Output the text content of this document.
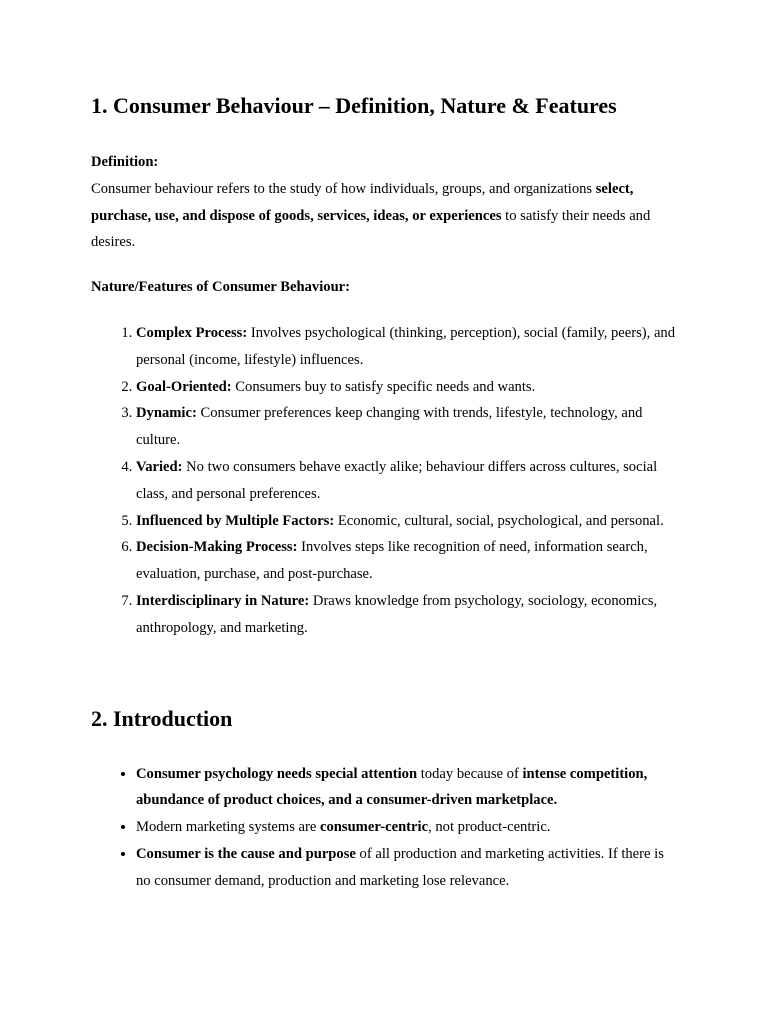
1. Consumer Behaviour – Definition, Nature & Features

Definition:

Consumer behaviour refers to the study of how individuals, groups, and organizations select, purchase, use, and dispose of goods, services, ideas, or experiences to satisfy their needs and desires.

Nature/Features of Consumer Behaviour:

1. Complex Process: Involves psychological (thinking, perception), social (family, peers), and personal (income, lifestyle) influences.
2. Goal-Oriented: Consumers buy to satisfy specific needs and wants.
3. Dynamic: Consumer preferences keep changing with trends, lifestyle, technology, and culture.
4. Varied: No two consumers behave exactly alike; behaviour differs across cultures, social class, and personal preferences.
5. Influenced by Multiple Factors: Economic, cultural, social, psychological, and personal.
6. Decision-Making Process: Involves steps like recognition of need, information search, evaluation, purchase, and post-purchase.
7. Interdisciplinary in Nature: Draws knowledge from psychology, sociology, economics, anthropology, and marketing.
2. Introduction
• Consumer psychology needs special attention today because of intense competition, abundance of product choices, and a consumer-driven marketplace.
• Modern marketing systems are consumer-centric, not product-centric.
• Consumer is the cause and purpose of all production and marketing activities. If there is no consumer demand, production and marketing lose relevance.
